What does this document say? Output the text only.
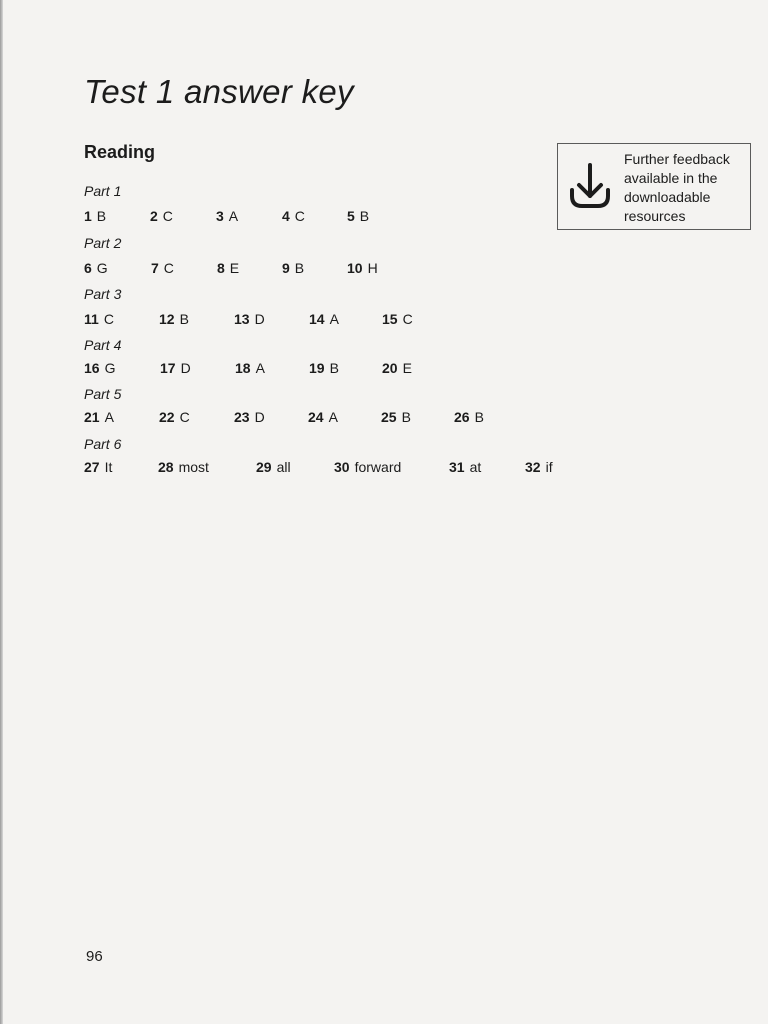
Test 1 answer key
Reading	Further feedback
available in the
downloadable
resources
Part 1
1 B	2 C	3 A	4 C	5 B
Part 2
6 G	7 C	8 E	9 B	10 H
Part 3
11 C	12 B	13 D	14 A	15 C
Part 4
16 G	17 D	18 A	19 B	20 E
Part 5
21 A	22 C	23 D	24 A	25 B	26 B
Part 6
27 It	28 most	29 all	30 forward	31 at	32 if
96
